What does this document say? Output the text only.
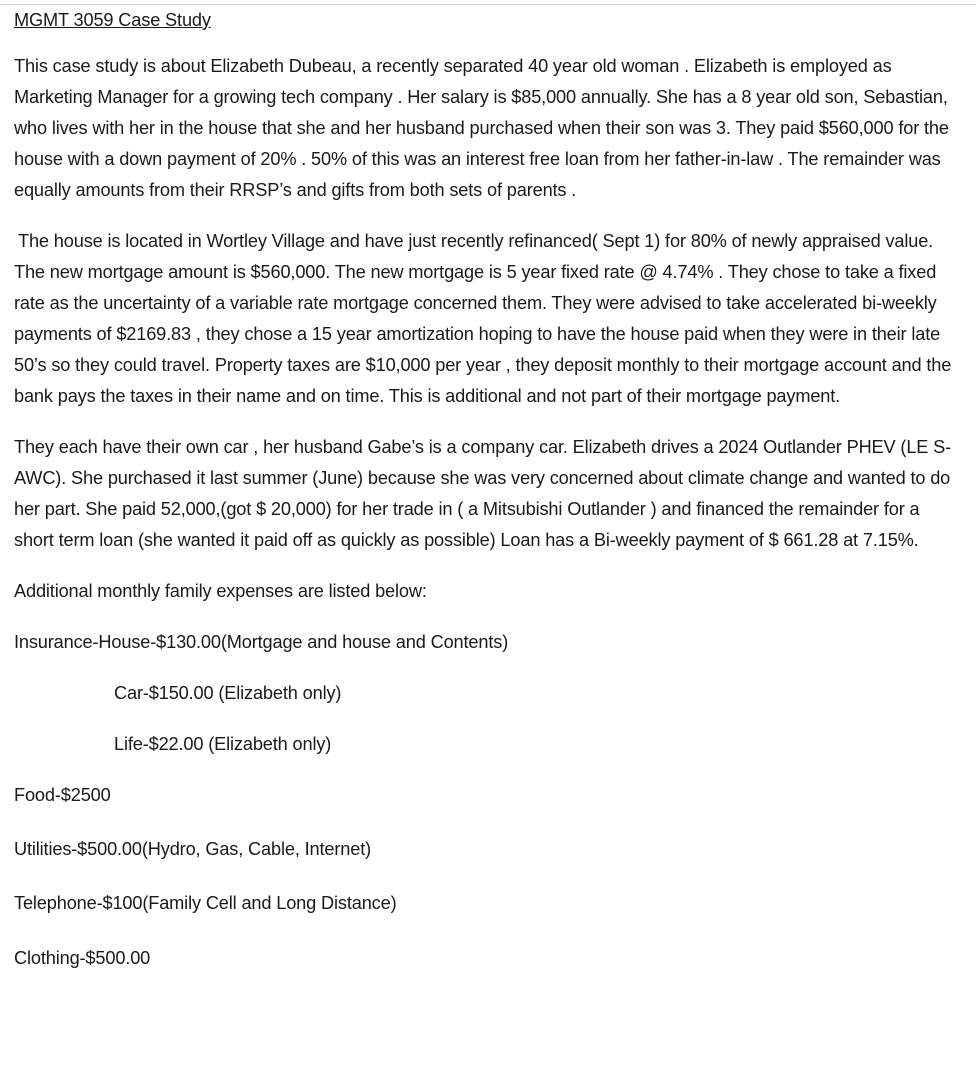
MGMT 3059 Case Study
This case study is about Elizabeth Dubeau, a recently separated 40 year old woman . Elizabeth is employed as Marketing Manager for a growing tech company . Her salary is $85,000 annually. She has a 8 year old son, Sebastian, who lives with her in the house that she and her husband purchased when their son was 3. They paid $560,000 for the house with a down payment of 20% . 50% of this was an interest free loan from her father-in-law . The remainder was equally amounts from their RRSP’s and gifts from both sets of parents .
The house is located in Wortley Village and have just recently refinanced( Sept 1) for 80% of newly appraised value. The new mortgage amount is $560,000. The new mortgage is 5 year fixed rate @ 4.74% . They chose to take a fixed rate as the uncertainty of a variable rate mortgage concerned them. They were advised to take accelerated bi-weekly payments of $2169.83 , they chose a 15 year amortization hoping to have the house paid when they were in their late 50’s so they could travel. Property taxes are $10,000 per year , they deposit monthly to their mortgage account and the bank pays the taxes in their name and on time. This is additional and not part of their mortgage payment.
They each have their own car , her husband Gabe’s is a company car. Elizabeth drives a 2024 Outlander PHEV (LE S-AWC). She purchased it last summer (June) because she was very concerned about climate change and wanted to do her part. She paid 52,000,(got $ 20,000) for her trade in ( a Mitsubishi Outlander ) and financed the remainder for a short term loan (she wanted it paid off as quickly as possible) Loan has a Bi-weekly payment of $ 661.28 at 7.15%.
Additional monthly family expenses are listed below:
Insurance-House-$130.00(Mortgage and house and Contents)
Car-$150.00 (Elizabeth only)
Life-$22.00 (Elizabeth only)
Food-$2500
Utilities-$500.00(Hydro, Gas, Cable, Internet)
Telephone-$100(Family Cell and Long Distance)
Clothing-$500.00
